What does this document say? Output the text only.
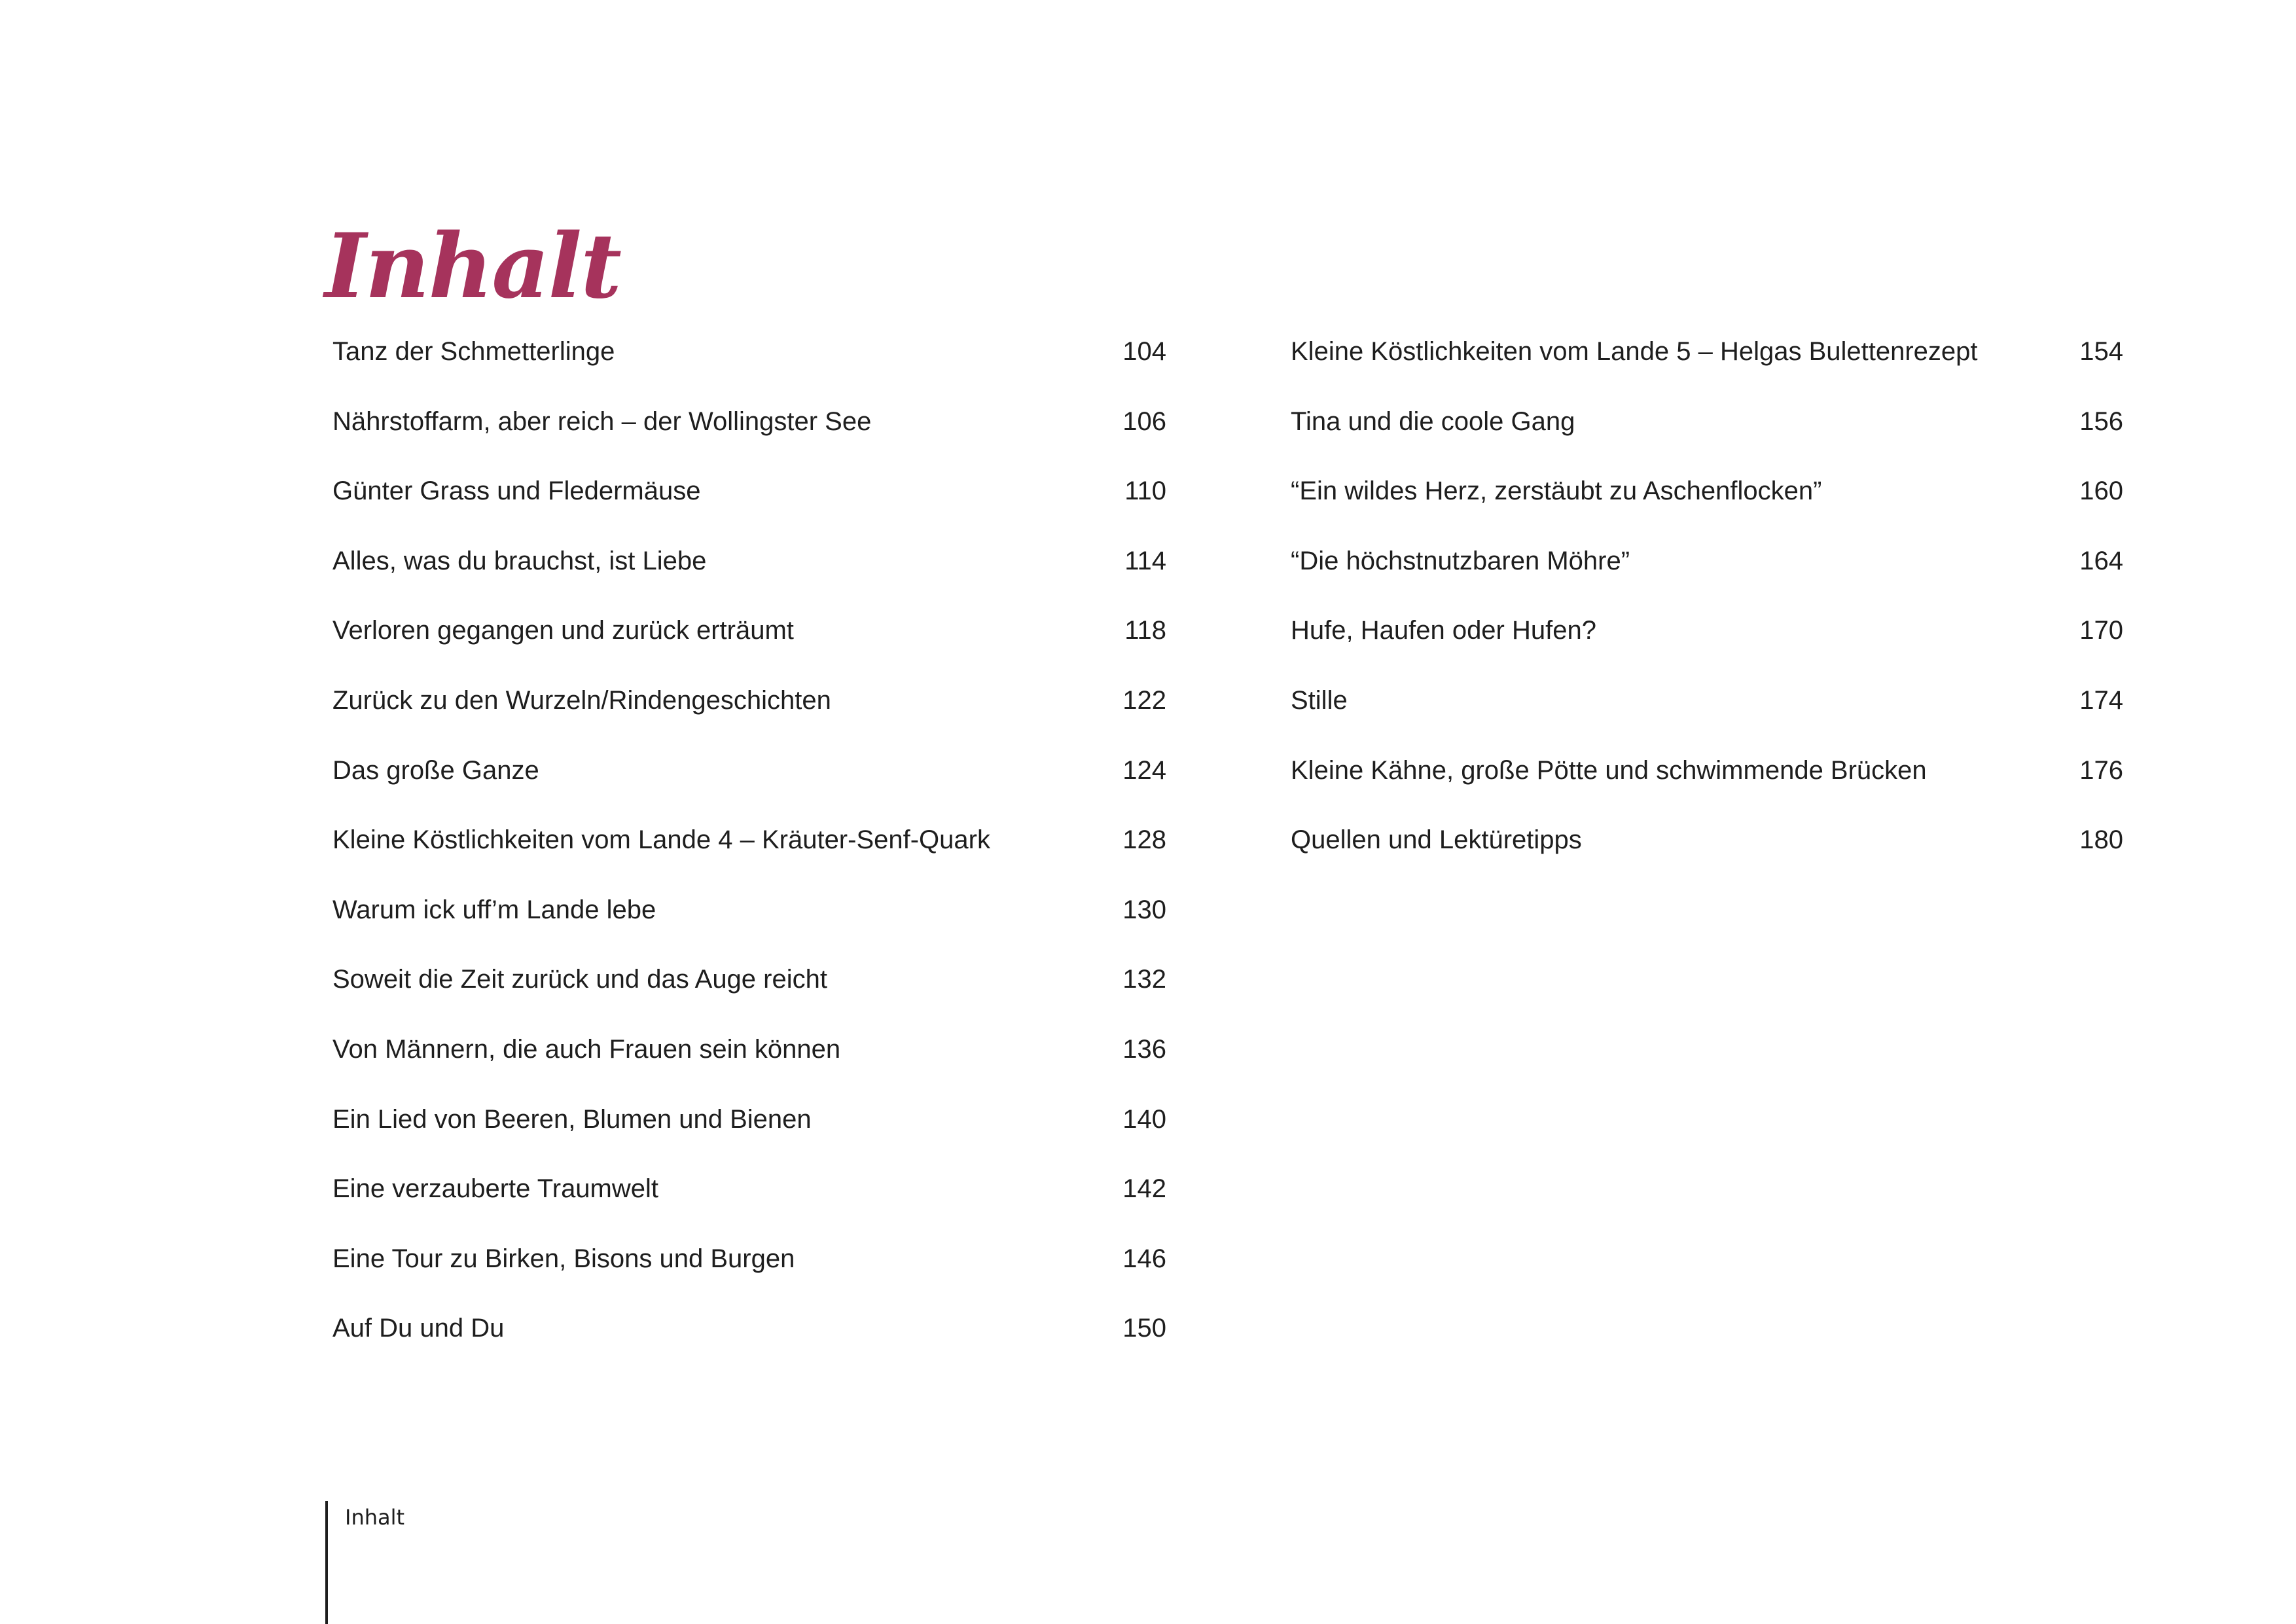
Inhalt
Tanz der Schmetterlinge	104
Nährstoffarm, aber reich – der Wollingster See	106
Günter Grass und Fledermäuse	110
Alles, was du brauchst, ist Liebe	114
Verloren gegangen und zurück erträumt	118
Zurück zu den Wurzeln/Rindengeschichten	122
Das große Ganze	124
Kleine Köstlichkeiten vom Lande 4 – Kräuter-Senf-Quark	128
Warum ick uff’m Lande lebe	130
Soweit die Zeit zurück und das Auge reicht	132
Von Männern, die auch Frauen sein können	136
Ein Lied von Beeren, Blumen und Bienen	140
Eine verzauberte Traumwelt	142
Eine Tour zu Birken, Bisons und Burgen	146
Auf Du und Du	150
Kleine Köstlichkeiten vom Lande 5 – Helgas Bulettenrezept	154
Tina und die coole Gang	156
“Ein wildes Herz, zerstäubt zu Aschenflocken”	160
“Die höchstnutzbaren Möhre”	164
Hufe, Haufen oder Hufen?	170
Stille	174
Kleine Kähne, große Pötte und schwimmende Brücken	176
Quellen und Lektüretipps	180
Inhalt
